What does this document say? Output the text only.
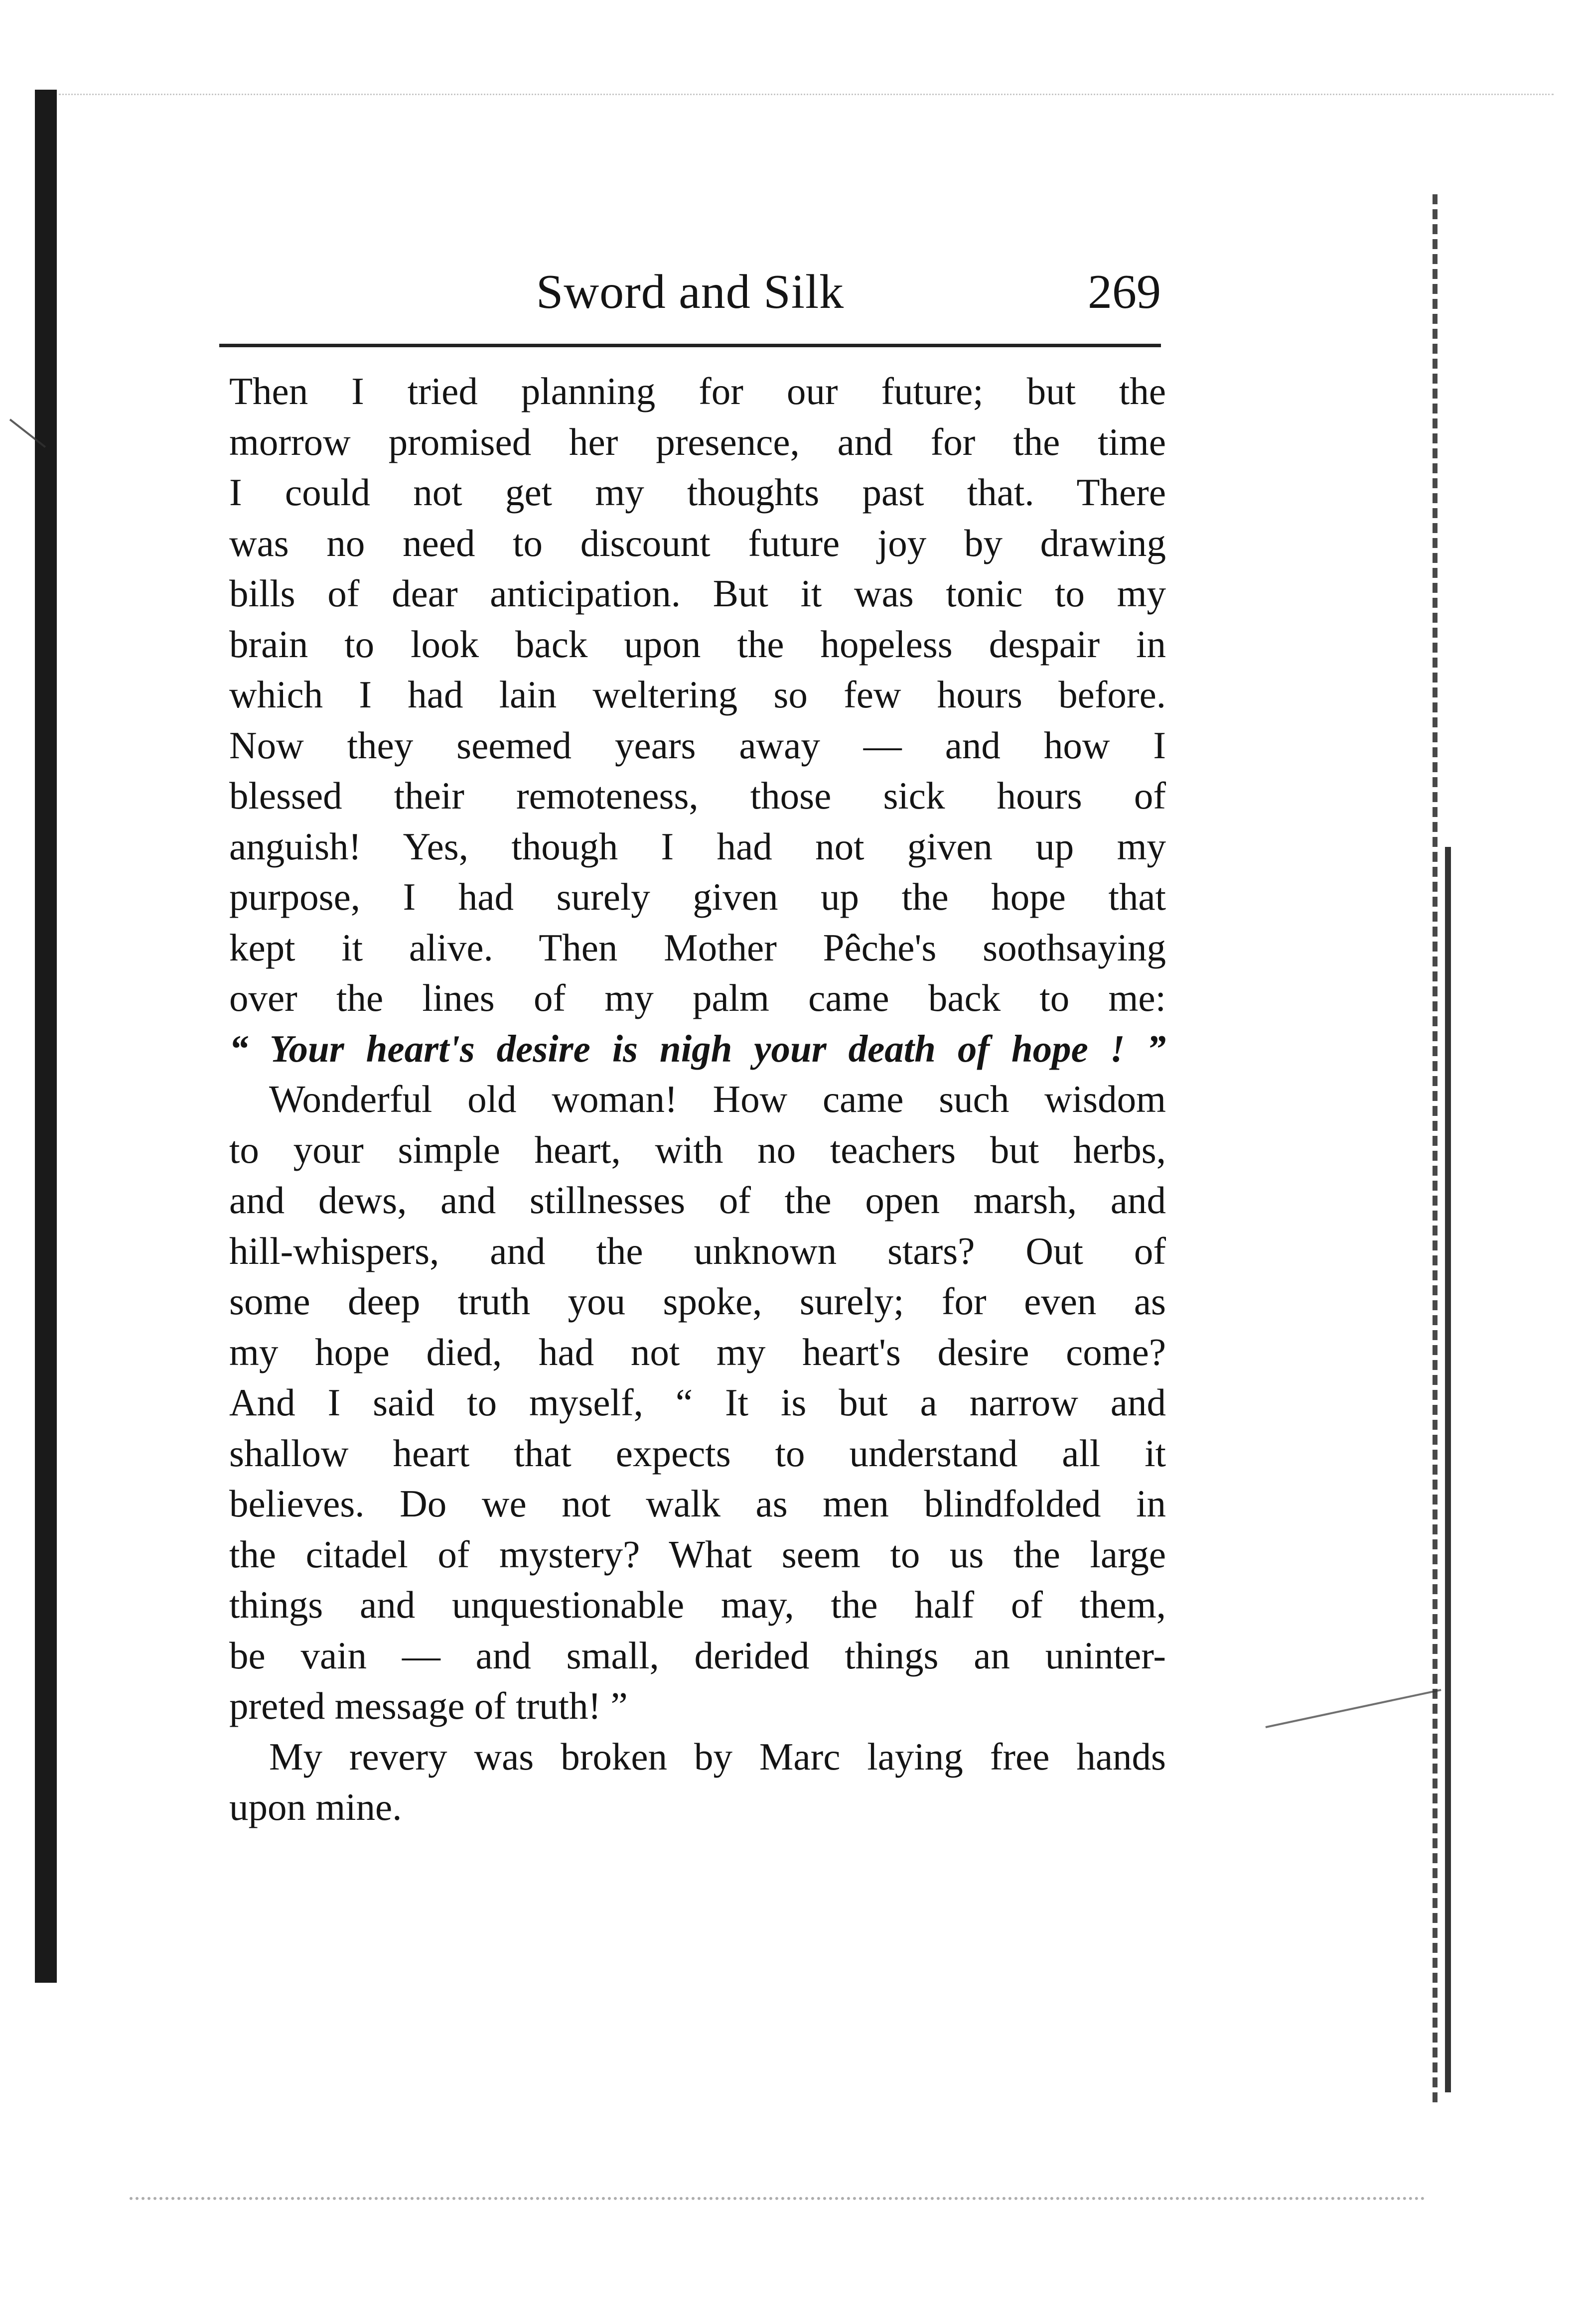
Sword and Silk	269
Then I tried planning for our future; but the
morrow promised her presence, and for the time
I could not get my thoughts past that. There
was no need to discount future joy by drawing
bills of dear anticipation. But it was tonic to my
brain to look back upon the hopeless despair in
which I had lain weltering so few hours before.
Now they seemed years away — and how I
blessed their remoteness, those sick hours of
anguish! Yes, though I had not given up my
purpose, I had surely given up the hope that
kept it alive. Then Mother Pêche's soothsaying
over the lines of my palm came back to me:
“ Your heart's desire is nigh your death of hope ! ”
Wonderful old woman! How came such wisdom
to your simple heart, with no teachers but herbs,
and dews, and stillnesses of the open marsh, and
hill-whispers, and the unknown stars? Out of
some deep truth you spoke, surely; for even as
my hope died, had not my heart's desire come?
And I said to myself, “ It is but a narrow and
shallow heart that expects to understand all it
believes. Do we not walk as men blindfolded in
the citadel of mystery? What seem to us the large
things and unquestionable may, the half of them,
be vain — and small, derided things an uninter-
preted message of truth! ”
My revery was broken by Marc laying free hands
upon mine.
